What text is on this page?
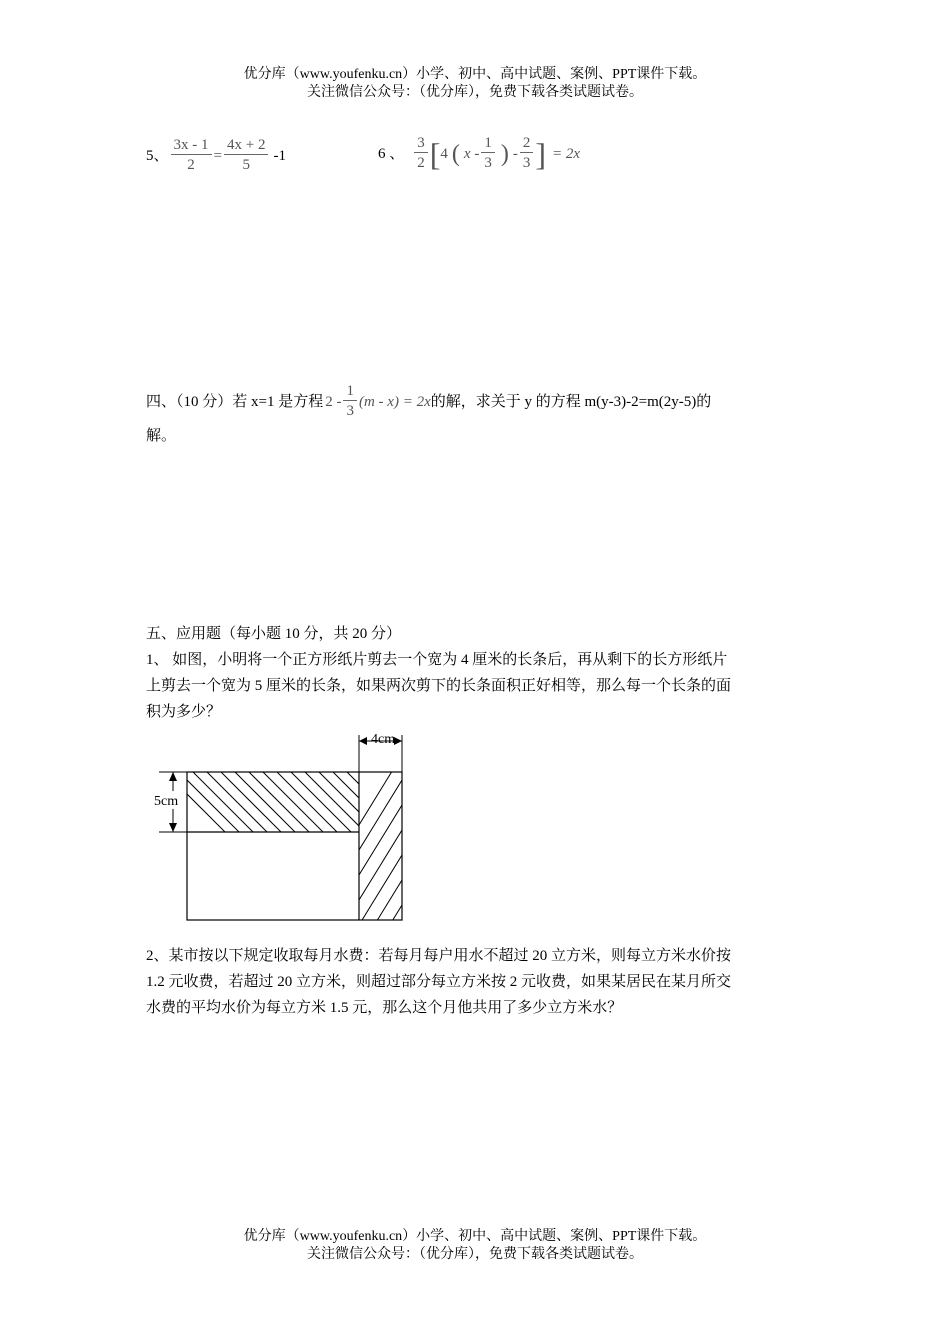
优分库（www.youfenku.cn）小学、初中、高中试题、案例、PPT课件下载。
关注微信公众号：（优分库），免费下载各类试题试卷。
5、 $\frac{3x - 1}{2} = \frac{4x + 2}{5} -1$	6 、 $\frac{3}{2}$ [ 4 ( x - $\frac{1}{3}$ ) - $\frac{2}{3}$ ] = 2x
四、（10 分）若 x=1 是方程 $2 - \frac{1}{3} (m - x) = 2x$ 的解，求关于 y 的方程 m(y-3)-2=m(2y-5)的
解。
五、应用题（每小题 10 分，共 20 分）
1、 如图，小明将一个正方形纸片剪去一个宽为 4 厘米的长条后，再从剩下的长方形纸片
上剪去一个宽为 5 厘米的长条，如果两次剪下的长条面积正好相等，那么每一个长条的面
积为多少？
4cm
5cm
2、某市按以下规定收取每月水费：若每月每户用水不超过 20 立方米，则每立方米水价按
1.2 元收费，若超过 20 立方米，则超过部分每立方米按 2 元收费，如果某居民在某月所交
水费的平均水价为每立方米 1.5 元，那么这个月他共用了多少立方米水？
优分库（www.youfenku.cn）小学、初中、高中试题、案例、PPT课件下载。
关注微信公众号：（优分库），免费下载各类试题试卷。
